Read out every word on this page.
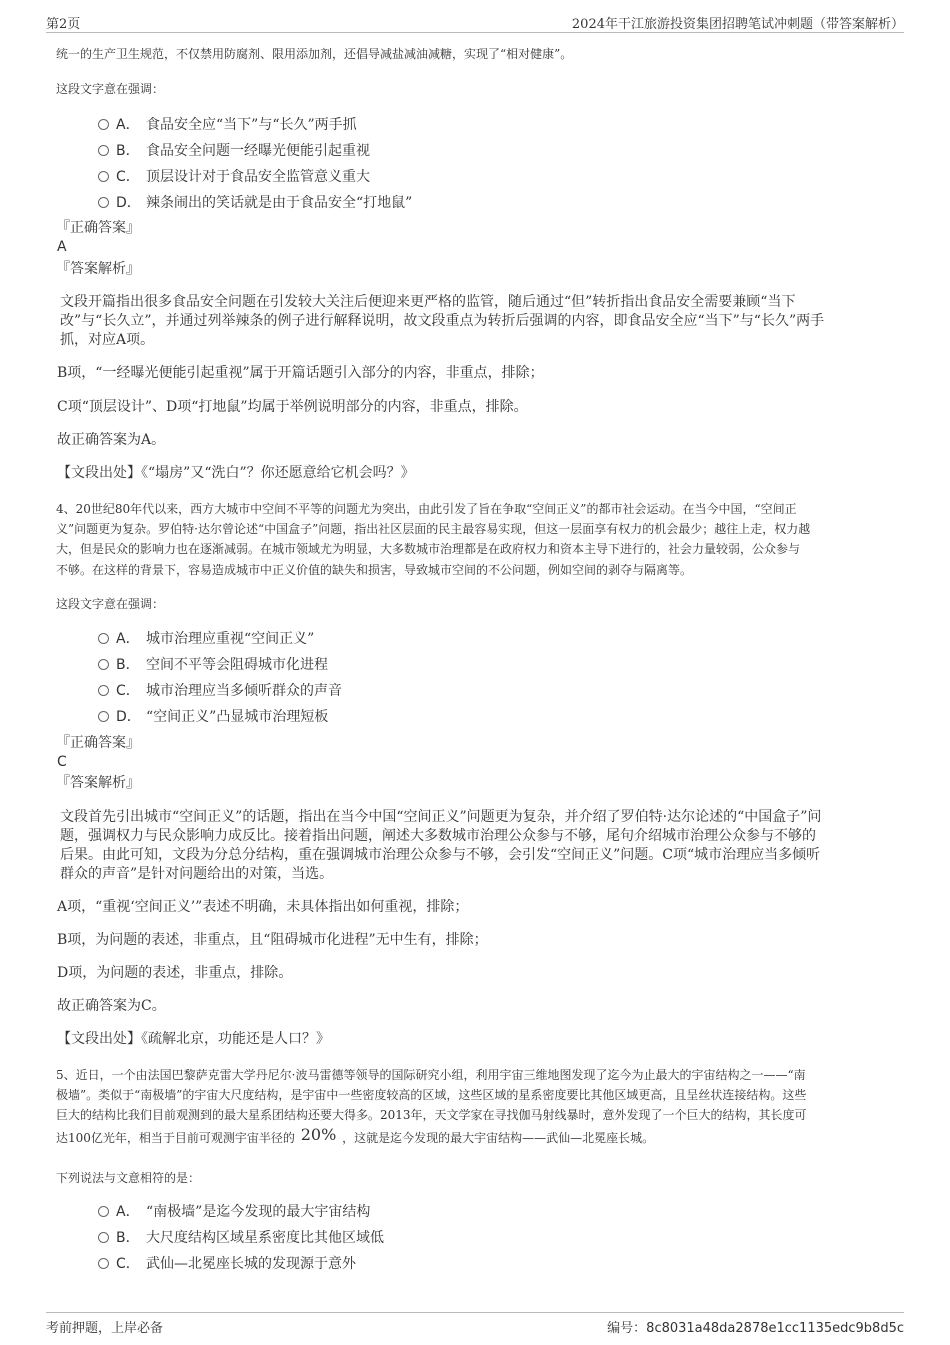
第2页	2024年干江旅游投资集团招聘笔试冲刺题（带答案解析）
统一的生产卫生规范，不仅禁用防腐剂、限用添加剂，还倡导减盐减油减糖，实现了“相对健康”。
这段文字意在强调：
A． 食品安全应“当下”与“长久”两手抓
B． 食品安全问题一经曝光便能引起重视
C． 顶层设计对于食品安全监管意义重大
D． 辣条闹出的笑话就是由于食品安全“打地鼠”
『正确答案』
A
『答案解析』
文段开篇指出很多食品安全问题在引发较大关注后便迎来更严格的监管，随后通过“但”转折指出食品安全需要兼顾“当下
改”与“长久立”，并通过列举辣条的例子进行解释说明，故文段重点为转折后强调的内容，即食品安全应“当下”与“长久”两手
抓，对应A项。
B项，“一经曝光便能引起重视”属于开篇话题引入部分的内容，非重点，排除；
C项“顶层设计”、D项“打地鼠”均属于举例说明部分的内容，非重点，排除。
故正确答案为A。
【文段出处】《“塌房”又“洗白”？你还愿意给它机会吗？》
4、20世纪80年代以来，西方大城市中空间不平等的问题尤为突出，由此引发了旨在争取“空间正义”的都市社会运动。在当今中国，“空间正
义”问题更为复杂。罗伯特·达尔曾论述“中国盒子”问题，指出社区层面的民主最容易实现，但这一层面享有权力的机会最少；越往上走，权力越
大，但是民众的影响力也在逐渐减弱。在城市领域尤为明显，大多数城市治理都是在政府权力和资本主导下进行的，社会力量较弱，公众参与
不够。在这样的背景下，容易造成城市中正义价值的缺失和损害，导致城市空间的不公问题，例如空间的剥夺与隔离等。
这段文字意在强调：
A． 城市治理应重视“空间正义”
B． 空间不平等会阻碍城市化进程
C． 城市治理应当多倾听群众的声音
D． “空间正义”凸显城市治理短板
『正确答案』
C
『答案解析』
文段首先引出城市“空间正义”的话题，指出在当今中国“空间正义”问题更为复杂，并介绍了罗伯特·达尔论述的“中国盒子”问
题，强调权力与民众影响力成反比。接着指出问题，阐述大多数城市治理公众参与不够，尾句介绍城市治理公众参与不够的
后果。由此可知，文段为分总分结构，重在强调城市治理公众参与不够，会引发“空间正义”问题。C项“城市治理应当多倾听
群众的声音”是针对问题给出的对策，当选。
A项，“重视‘空间正义’”表述不明确，未具体指出如何重视，排除；
B项，为问题的表述，非重点，且“阻碍城市化进程”无中生有，排除；
D项，为问题的表述，非重点，排除。
故正确答案为C。
【文段出处】《疏解北京，功能还是人口？》
5、近日，一个由法国巴黎萨克雷大学丹尼尔·波马雷德等领导的国际研究小组，利用宇宙三维地图发现了迄今为止最大的宇宙结构之一——“南
极墙”。类似于“南极墙”的宇宙大尺度结构，是宇宙中一些密度较高的区域，这些区域的星系密度要比其他区域更高，且呈丝状连接结构。这些
巨大的结构比我们目前观测到的最大星系团结构还要大得多。2013年，天文学家在寻找伽马射线暴时，意外发现了一个巨大的结构，其长度可
达100亿光年，相当于目前可观测宇宙半径的 20% ，这就是迄今发现的最大宇宙结构——武仙—北冕座长城。
下列说法与文意相符的是：
A． “南极墙”是迄今发现的最大宇宙结构
B． 大尺度结构区域星系密度比其他区域低
C． 武仙—北冕座长城的发现源于意外
考前押题，上岸必备	编号：8c8031a48da2878e1cc1135edc9b8d5c
